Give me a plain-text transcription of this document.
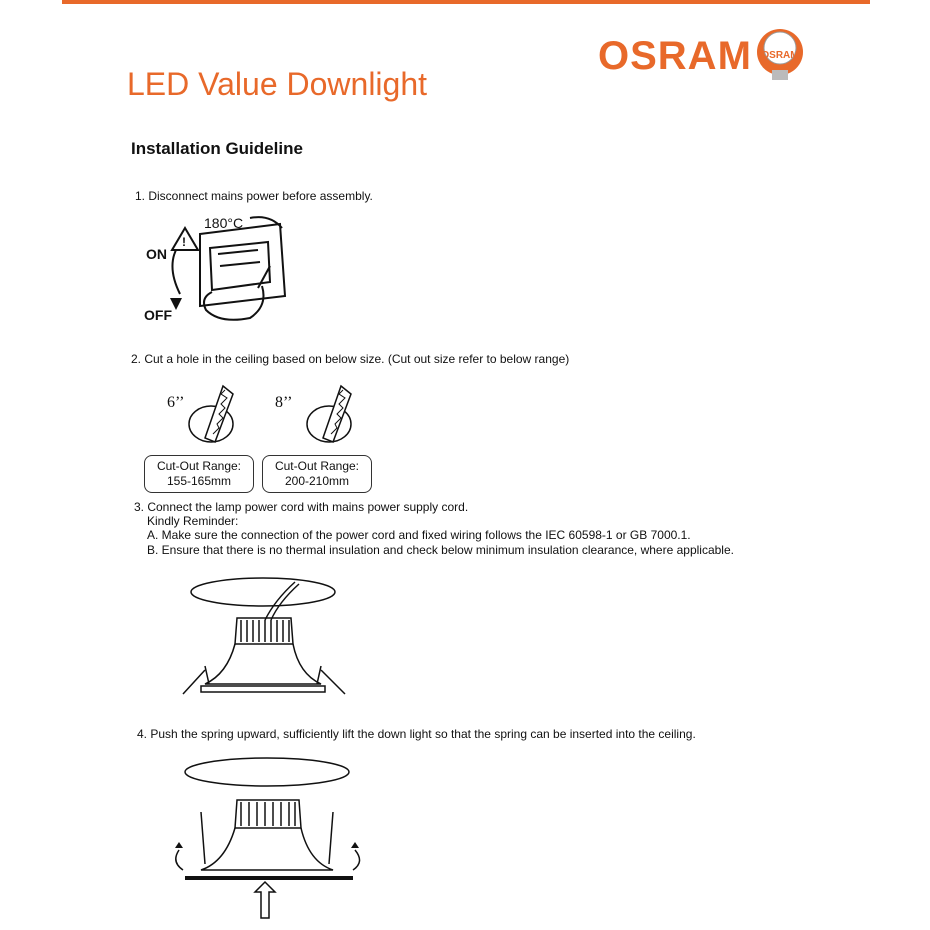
OSRAM OSRAM
LED Value Downlight
Installation Guideline
1. Disconnect mains power before assembly.
!
180°C
ON
OFF
2. Cut a hole in the ceiling based on below size. (Cut out size refer to below range)
6’’	8’’
Cut-Out Range:
155-165mm
Cut-Out Range:
200-210mm
3. Connect the lamp power cord with mains power supply cord.
Kindly Reminder:
A. Make sure the connection of the power cord and fixed wiring follows the IEC 60598-1 or GB 7000.1.
B. Ensure that there is no thermal insulation and check below minimum insulation clearance, where applicable.
4. Push the spring upward, sufficiently lift the down light so that the spring can be inserted into the ceiling.
